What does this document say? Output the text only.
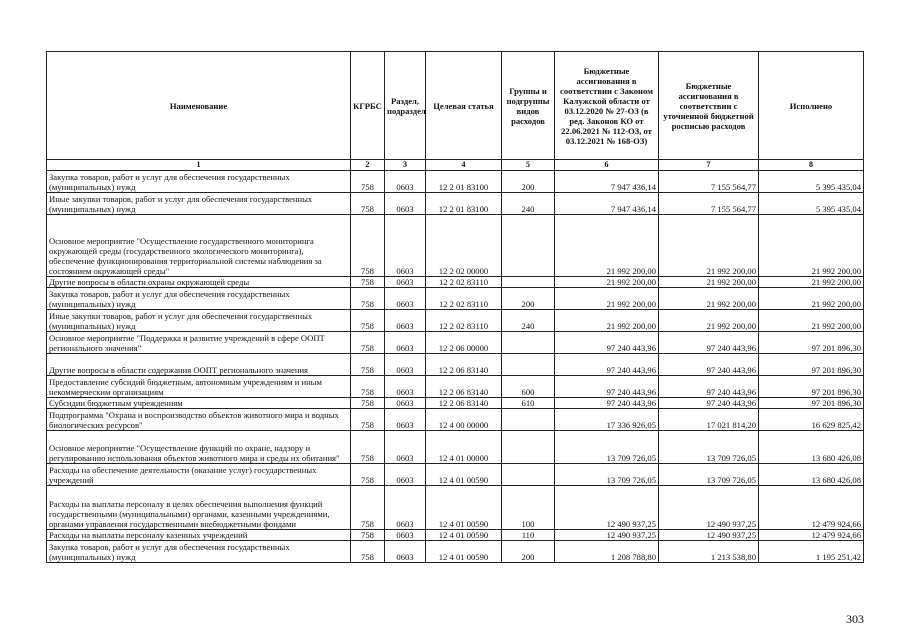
Наименование	КГРБС	Раздел, подраздел	Целевая статья	Группы и подгруппы видов расходов	Бюджетные ассигнования в соответствии с Законом Калужской области от 03.12.2020 № 27-ОЗ (в ред. Законов КО от 22.06.2021 № 112-ОЗ, от 03.12.2021 № 168-ОЗ)	Бюджетные ассигнования в соответствии с уточненной бюджетной росписью расходов	Исполнено
1	2	3	4	5	6	7	8
Закупка товаров, работ и услуг для обеспечения государственных (муниципальных) нужд	758	0603	12 2 01 83100	200	7 947 436,14	7 155 564,77	5 395 435,04
Иные закупки товаров, работ и услуг для обеспечения государственных (муниципальных) нужд	758	0603	12 2 01 83100	240	7 947 436,14	7 155 564,77	5 395 435,04
Основное мероприятие "Осуществление государственного мониторинга окружающей среды (государственного экологического мониторинга), обеспечение функционирования территориальной системы наблюдения за состоянием окружающей среды"	758	0603	12 2 02 00000		21 992 200,00	21 992 200,00	21 992 200,00
Другие вопросы в области охраны окружающей среды	758	0603	12 2 02 83110		21 992 200,00	21 992 200,00	21 992 200,00
Закупка товаров, работ и услуг для обеспечения государственных (муниципальных) нужд	758	0603	12 2 02 83110	200	21 992 200,00	21 992 200,00	21 992 200,00
Иные закупки товаров, работ и услуг для обеспечения государственных (муниципальных) нужд	758	0603	12 2 02 83110	240	21 992 200,00	21 992 200,00	21 992 200,00
Основное мероприятие "Поддержка и развитие учреждений в сфере ООПТ регионального значения"	758	0603	12 2 06 00000		97 240 443,96	97 240 443,96	97 201 896,30
Другие вопросы в области содержания ООПТ регионального значения	758	0603	12 2 06 83140		97 240 443,96	97 240 443,96	97 201 896,30
Предоставление субсидий бюджетным, автономным учреждениям и иным некоммерческим организациям	758	0603	12 2 06 83140	600	97 240 443,96	97 240 443,96	97 201 896,30
Субсидии бюджетным учреждениям	758	0603	12 2 06 83140	610	97 240 443,96	97 240 443,96	97 201 896,30
Подпрограмма "Охрана и воспроизводство объектов животного мира и водных биологических ресурсов"	758	0603	12 4 00 00000		17 336 926,05	17 021 814,20	16 629 825,42
Основное мероприятие "Осуществление функций по охране, надзору и регулированию использования объектов животного мира и среды их обитания"	758	0603	12 4 01 00000		13 709 726,05	13 709 726,05	13 680 426,08
Расходы на обеспечение деятельности (оказание услуг) государственных учреждений	758	0603	12 4 01 00590		13 709 726,05	13 709 726,05	13 680 426,08
Расходы на выплаты персоналу в целях обеспечения выполнения функций государственными (муниципальными) органами, казенными учреждениями, органами управления государственными внебюджетными фондами	758	0603	12 4 01 00590	100	12 490 937,25	12 490 937,25	12 479 924,66
Расходы на выплаты персоналу казенных учреждений	758	0603	12 4 01 00590	110	12 490 937,25	12 490 937,25	12 479 924,66
Закупка товаров, работ и услуг для обеспечения государственных (муниципальных) нужд	758	0603	12 4 01 00590	200	1 208 788,80	1 213 538,80	1 195 251,42
303
